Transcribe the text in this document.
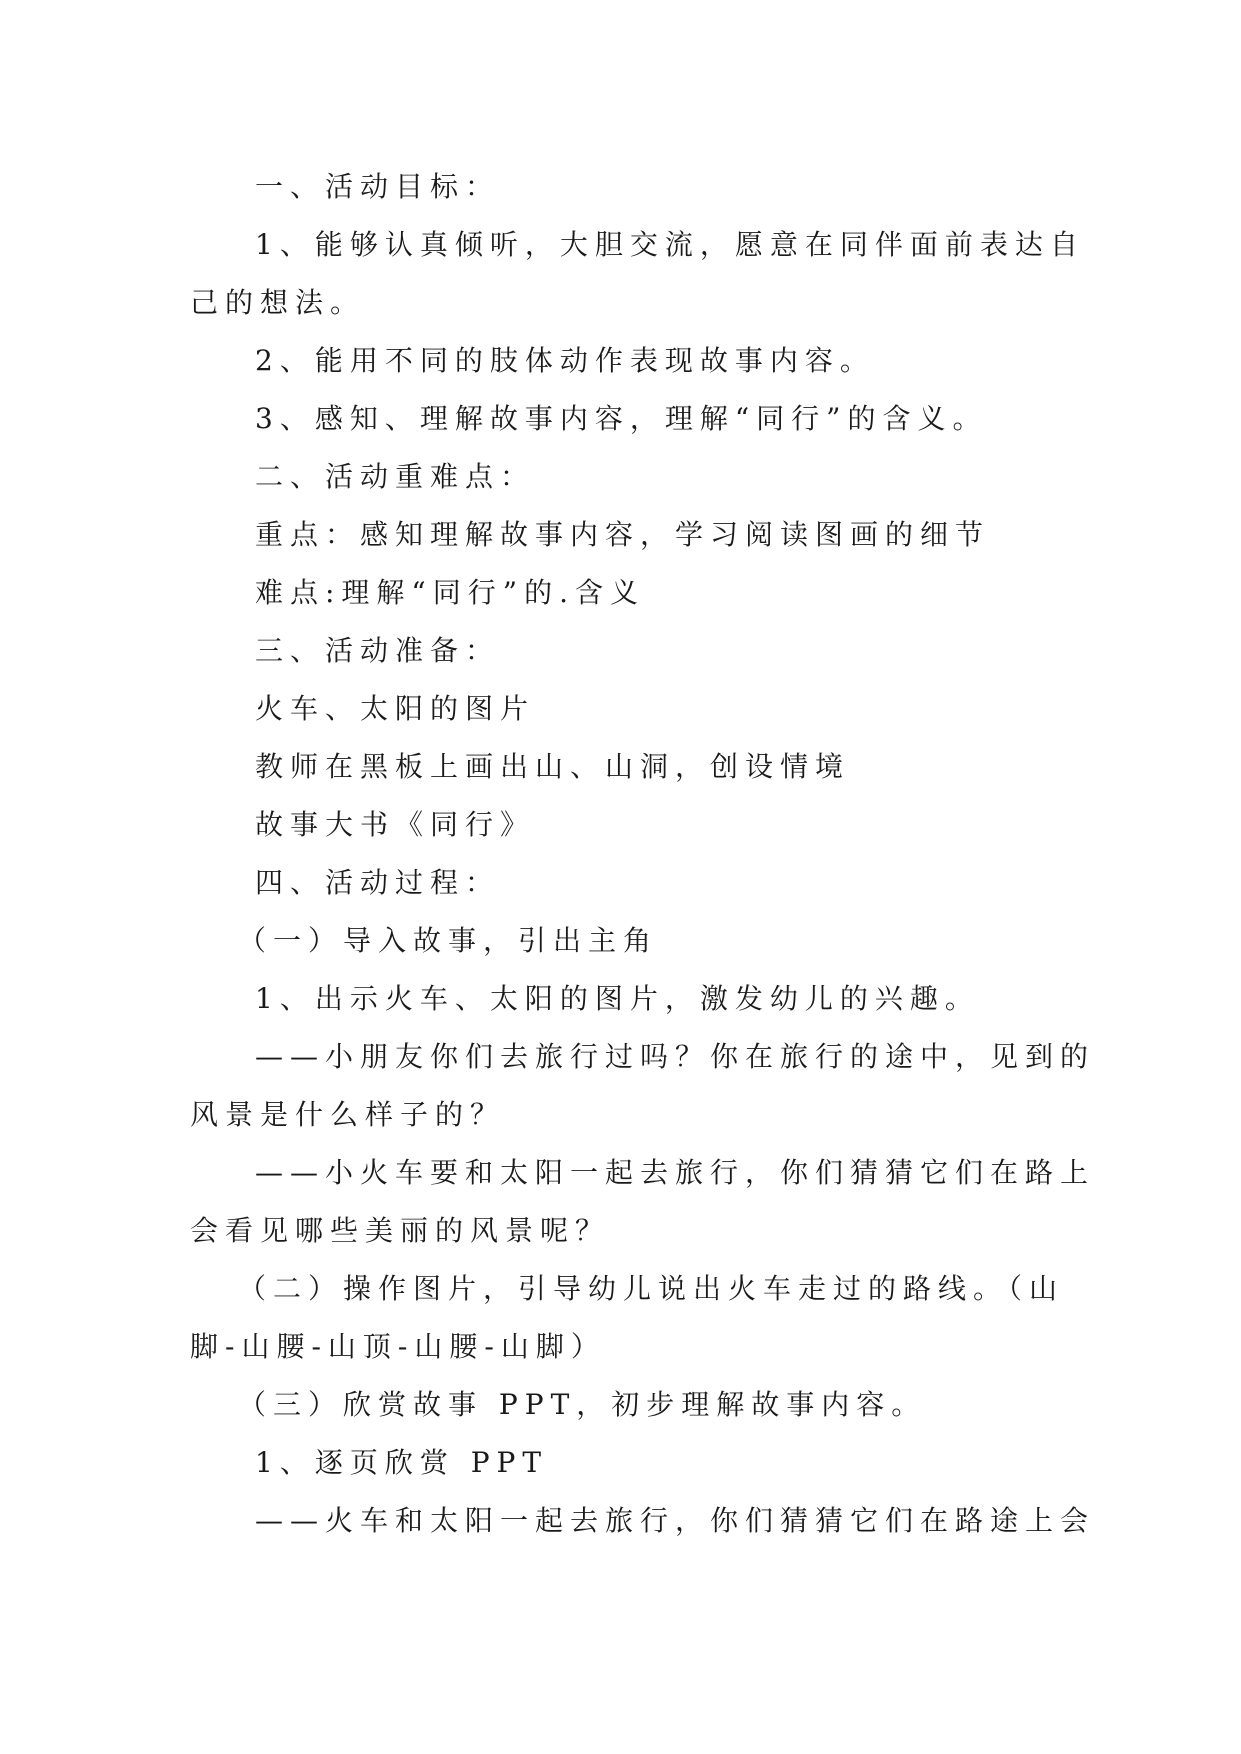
一、活动目标：
1、能够认真倾听，大胆交流，愿意在同伴面前表达自
己的想法。
2、能用不同的肢体动作表现故事内容。
3、感知、理解故事内容，理解“同行”的含义。
二、活动重难点：
重点：感知理解故事内容，学习阅读图画的细节
难点:理解“同行”的.含义
三、活动准备：
火车、太阳的图片
教师在黑板上画出山、山洞，创设情境
故事大书《同行》
四、活动过程：
（一）导入故事，引出主角
1、出示火车、太阳的图片，激发幼儿的兴趣。
——小朋友你们去旅行过吗？你在旅行的途中，见到的
风景是什么样子的？
——小火车要和太阳一起去旅行，你们猜猜它们在路上
会看见哪些美丽的风景呢？
（二）操作图片，引导幼儿说出火车走过的路线。（山
脚-山腰-山顶-山腰-山脚）
（三）欣赏故事 PPT，初步理解故事内容。
1、逐页欣赏 PPT
——火车和太阳一起去旅行，你们猜猜它们在路途上会
